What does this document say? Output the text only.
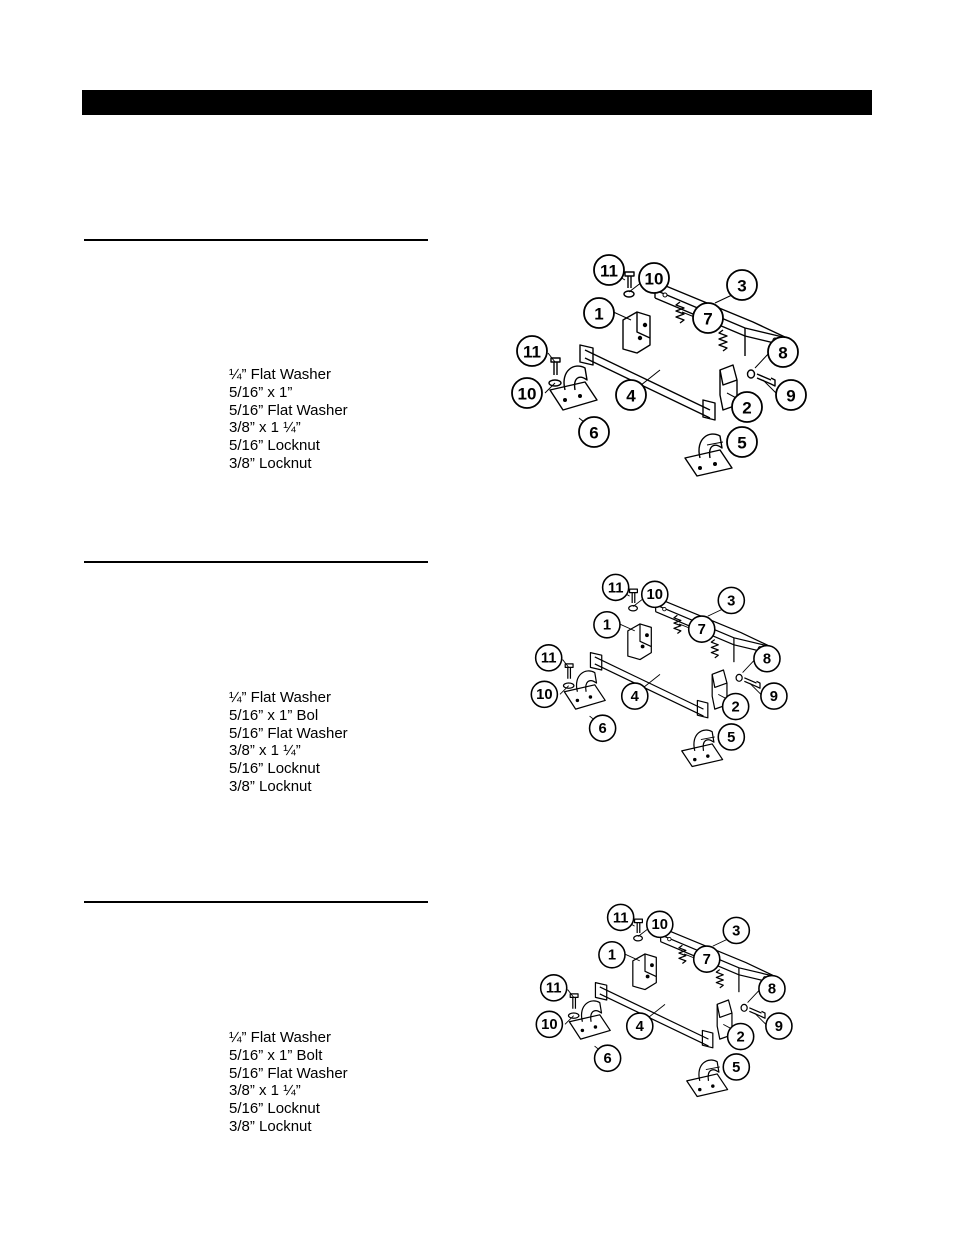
¼” Flat Washer
5/16” x 1”
5/16” Flat Washer
3/8” x 1 ¼”
5/16” Locknut
3/8” Locknut
1
2
3
4
5
6
7
8
9
10
11
10
11
¼” Flat Washer
5/16” x 1” Bol
5/16” Flat Washer
3/8” x 1 ¼”
5/16” Locknut
3/8” Locknut
1
2
3
4
5
6
7
8
9
10
11
10
11
¼” Flat Washer
5/16” x 1” Bolt
5/16” Flat Washer
3/8” x 1 ¼”
5/16” Locknut
3/8” Locknut
1
2
3
4
5
6
7
8
9
10
11
10
11
